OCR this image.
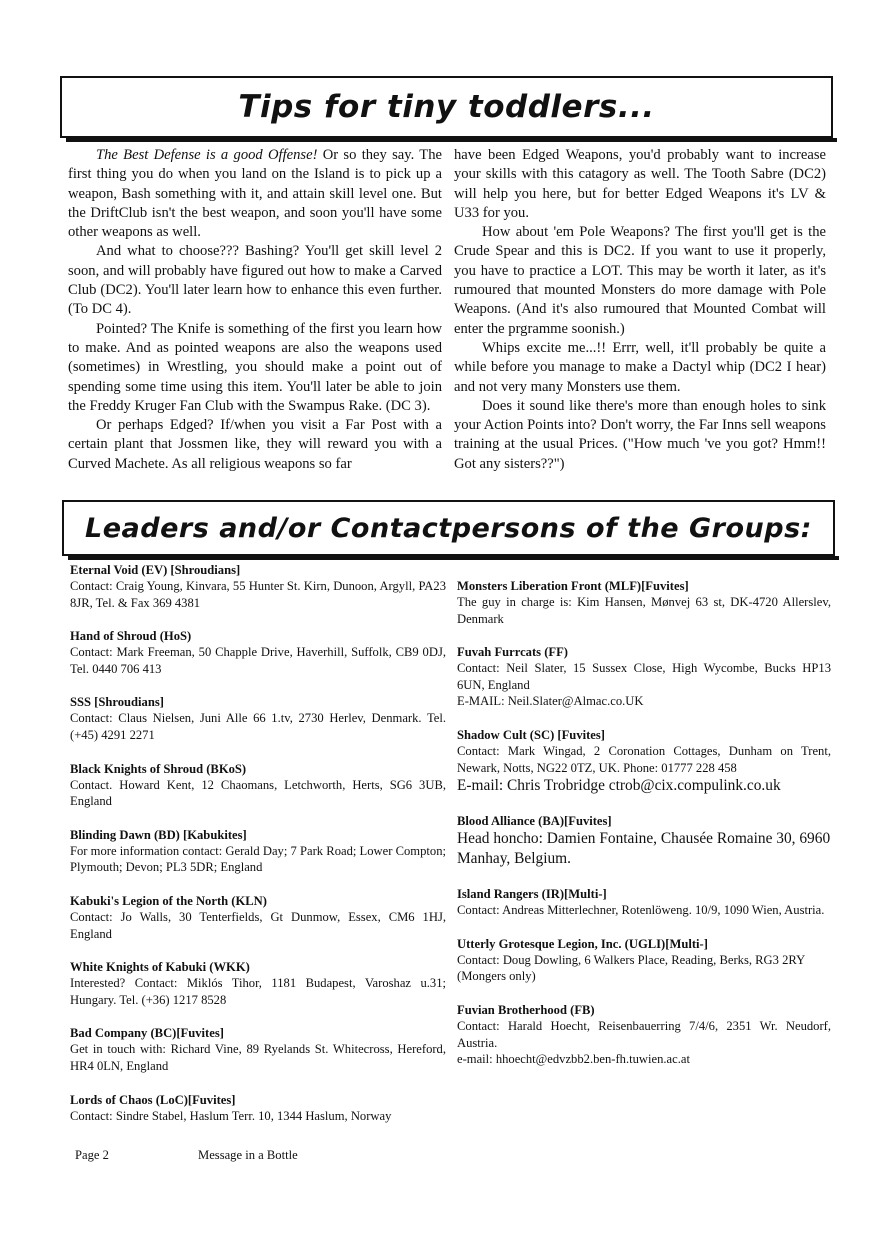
Tips for tiny toddlers...

The Best Defense is a good Offense! Or so they say. The first thing you do when you land on the Island is to pick up a weapon, Bash something with it, and attain skill level one. But the DriftClub isn't the best weapon, and soon you'll have some other weapons as well.

And what to choose??? Bashing? You'll get skill level 2 soon, and will probably have figured out how to make a Carved Club (DC2). You'll later learn how to enhance this even further. (To DC 4).

Pointed? The Knife is something of the first you learn how to make. And as pointed weapons are also the weapons used (sometimes) in Wrestling, you should make a point out of spending some time using this item. You'll later be able to join the Freddy Kruger Fan Club with the Swampus Rake. (DC 3).

Or perhaps Edged? If/when you visit a Far Post with a certain plant that Jossmen like, they will reward you with a Curved Machete. As all religious weapons so far

have been Edged Weapons, you'd probably want to increase your skills with this catagory as well. The Tooth Sabre (DC2) will help you here, but for better Edged Weapons it's LV & U33 for you.

How about 'em Pole Weapons? The first you'll get is the Crude Spear and this is DC2. If you want to use it properly, you have to practice a LOT. This may be worth it later, as it's rumoured that mounted Monsters do more damage with Pole Weapons. (And it's also rumoured that Mounted Combat will enter the prgramme soonish.)

Whips excite me...!! Errr, well, it'll probably be quite a while before you manage to make a Dactyl whip (DC2 I hear) and not very many Monsters use them.

Does it sound like there's more than enough holes to sink your Action Points into? Don't worry, the Far Inns sell weapons training at the usual Prices. ("How much 've you got? Hmm!! Got any sisters??")

Leaders and/or Contactpersons of the Groups:
Eternal Void (EV) [Shroudians]
Contact: Craig Young, Kinvara, 55 Hunter St. Kirn, Dunoon, Argyll, PA23 8JR, Tel. & Fax 369 4381
Hand of Shroud (HoS)
Contact: Mark Freeman, 50 Chapple Drive, Haverhill, Suffolk, CB9 0DJ, Tel. 0440 706 413
SSS [Shroudians]
Contact: Claus Nielsen, Juni Alle 66 1.tv, 2730 Herlev, Denmark. Tel. (+45) 4291 2271
Black Knights of Shroud (BKoS)
Contact. Howard Kent, 12 Chaomans, Letchworth, Herts, SG6 3UB, England
Blinding Dawn (BD) [Kabukites]
For more information contact: Gerald Day; 7 Park Road; Lower Compton; Plymouth; Devon; PL3 5DR; England
Kabuki's Legion of the North (KLN)
Contact: Jo Walls, 30 Tenterfields, Gt Dunmow, Essex, CM6 1HJ, England
White Knights of Kabuki (WKK)
Interested? Contact: Miklós Tihor, 1181 Budapest, Varoshaz u.31; Hungary. Tel. (+36) 1217 8528
Bad Company (BC)[Fuvites]
Get in touch with: Richard Vine, 89 Ryelands St. Whitecross, Hereford, HR4 0LN, England
Lords of Chaos (LoC)[Fuvites]
Contact: Sindre Stabel, Haslum Terr. 10, 1344 Haslum, Norway
Monsters Liberation Front (MLF)[Fuvites]
The guy in charge is: Kim Hansen, Mønvej 63 st, DK-4720 Allerslev, Denmark
Fuvah Furrcats (FF)
Contact: Neil Slater, 15 Sussex Close, High Wycombe, Bucks HP13 6UN, England
E-MAIL: Neil.Slater@Almac.co.UK
Shadow Cult (SC) [Fuvites]
Contact: Mark Wingad, 2 Coronation Cottages, Dunham on Trent, Newark, Notts, NG22 0TZ, UK. Phone: 01777 228 458
E-mail: Chris Trobridge ctrob@cix.compulink.co.uk
Blood Alliance (BA)[Fuvites]
Head honcho: Damien Fontaine, Chausée Romaine 30, 6960 Manhay, Belgium.
Island Rangers (IR)[Multi-]
Contact: Andreas Mitterlechner, Rotenlöweng. 10/9, 1090 Wien, Austria.
Utterly Grotesque Legion, Inc. (UGLI)[Multi-]
Contact: Doug Dowling, 6 Walkers Place, Reading, Berks, RG3 2RY
(Mongers only)
Fuvian Brotherhood (FB)
Contact: Harald Hoecht, Reisenbauerring 7/4/6, 2351 Wr. Neudorf, Austria.
e-mail: hhoecht@edvzbb2.ben-fh.tuwien.ac.at
Page 2	Message in a Bottle
